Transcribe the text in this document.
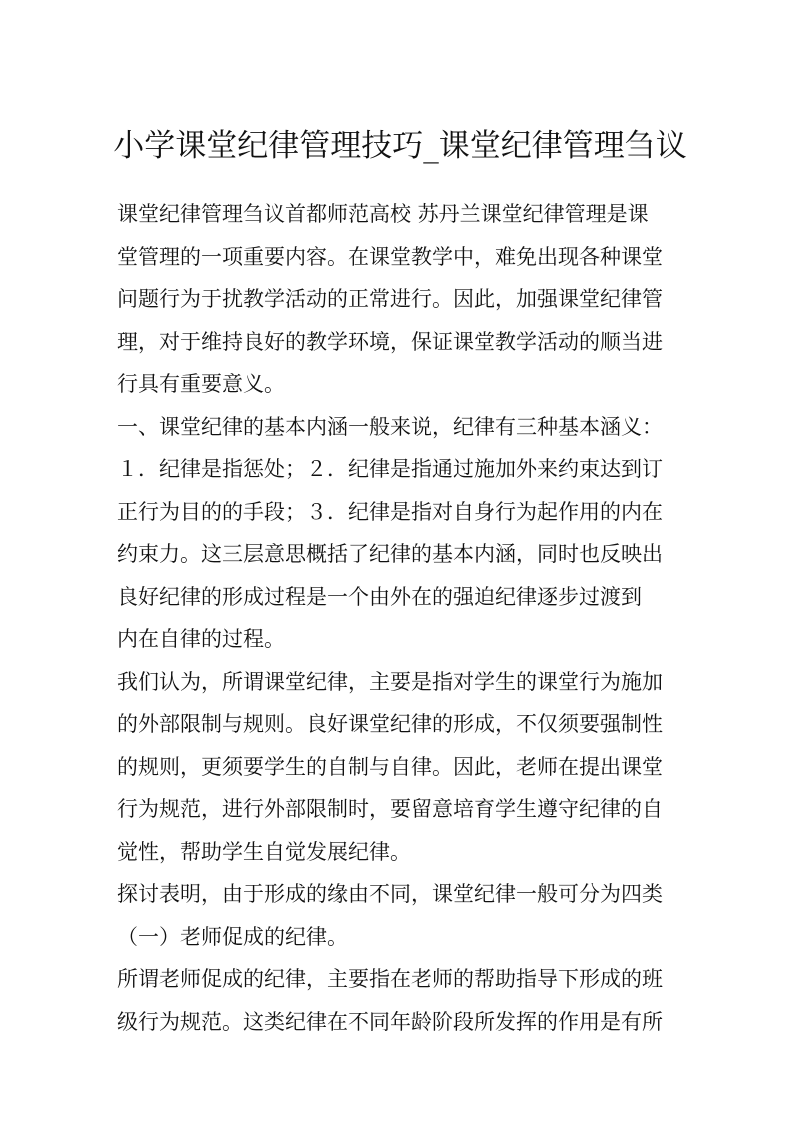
小学课堂纪律管理技巧_课堂纪律管理刍议
课堂纪律管理刍议首都师范高校 苏丹兰课堂纪律管理是课
堂管理的一项重要内容。在课堂教学中，难免出现各种课堂
问题行为于扰教学活动的正常进行。因此，加强课堂纪律管
理，对于维持良好的教学环境，保证课堂教学活动的顺当进
行具有重要意义。
一、课堂纪律的基本内涵一般来说，纪律有三种基本涵义：
１．纪律是指惩处；２．纪律是指通过施加外来约束达到订
正行为目的的手段；３．纪律是指对自身行为起作用的内在
约束力。这三层意思概括了纪律的基本内涵，同时也反映出
良好纪律的形成过程是一个由外在的强迫纪律逐步过渡到
内在自律的过程。
我们认为，所谓课堂纪律，主要是指对学生的课堂行为施加
的外部限制与规则。良好课堂纪律的形成，不仅须要强制性
的规则，更须要学生的自制与自律。因此，老师在提出课堂
行为规范，进行外部限制时，要留意培育学生遵守纪律的自
觉性，帮助学生自觉发展纪律。
探讨表明，由于形成的缘由不同，课堂纪律一般可分为四类
（一）老师促成的纪律。
所谓老师促成的纪律，主要指在老师的帮助指导下形成的班
级行为规范。这类纪律在不同年龄阶段所发挥的作用是有所
